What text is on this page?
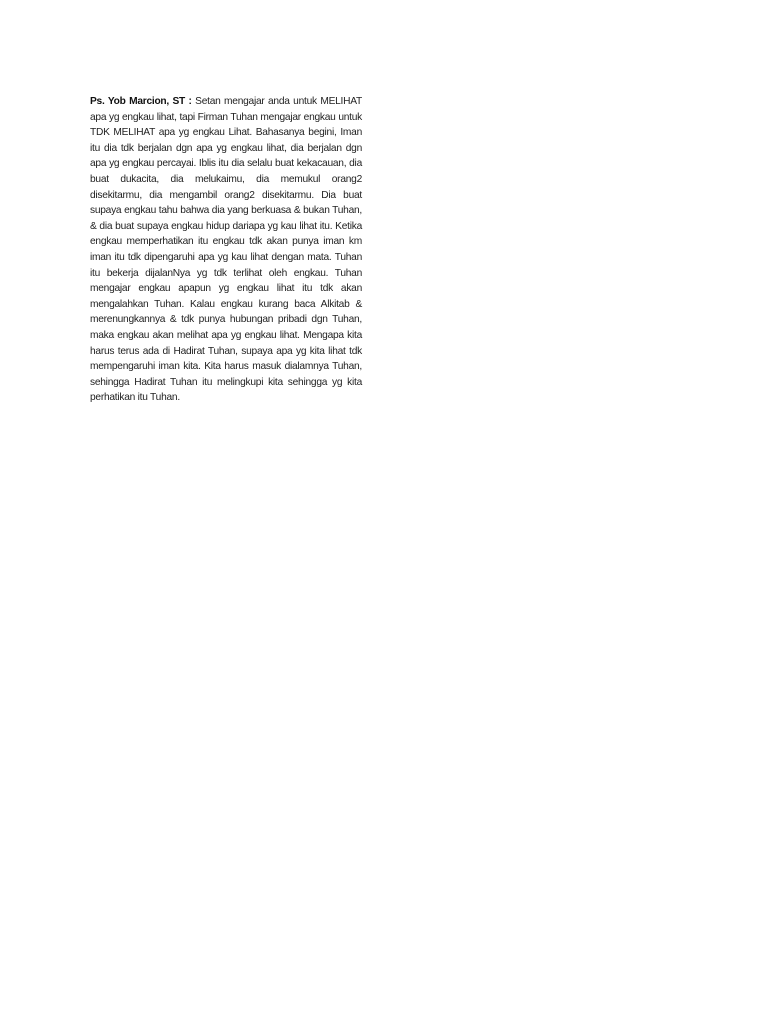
Ps. Yob Marcion, ST : Setan mengajar anda untuk MELIHAT apa yg engkau lihat, tapi Firman Tuhan mengajar engkau untuk TDK MELIHAT apa yg engkau Lihat. Bahasanya begini, Iman itu dia tdk berjalan dgn apa yg engkau lihat, dia berjalan dgn apa yg engkau percayai. Iblis itu dia selalu buat kekacauan, dia buat dukacita, dia melukaimu, dia memukul orang2 disekitarmu, dia mengambil orang2 disekitarmu. Dia buat supaya engkau tahu bahwa dia yang berkuasa & bukan Tuhan, & dia buat supaya engkau hidup dariapa yg kau lihat itu. Ketika engkau memperhatikan itu engkau tdk akan punya iman km iman itu tdk dipengaruhi apa yg kau lihat dengan mata. Tuhan itu bekerja dijalanNya yg tdk terlihat oleh engkau. Tuhan mengajar engkau apapun yg engkau lihat itu tdk akan mengalahkan Tuhan. Kalau engkau kurang baca Alkitab & merenungkannya & tdk punya hubungan pribadi dgn Tuhan, maka engkau akan melihat apa yg engkau lihat. Mengapa kita harus terus ada di Hadirat Tuhan, supaya apa yg kita lihat tdk mempengaruhi iman kita. Kita harus masuk dialamnya Tuhan, sehingga Hadirat Tuhan itu melingkupi kita sehingga yg kita perhatikan itu Tuhan.
